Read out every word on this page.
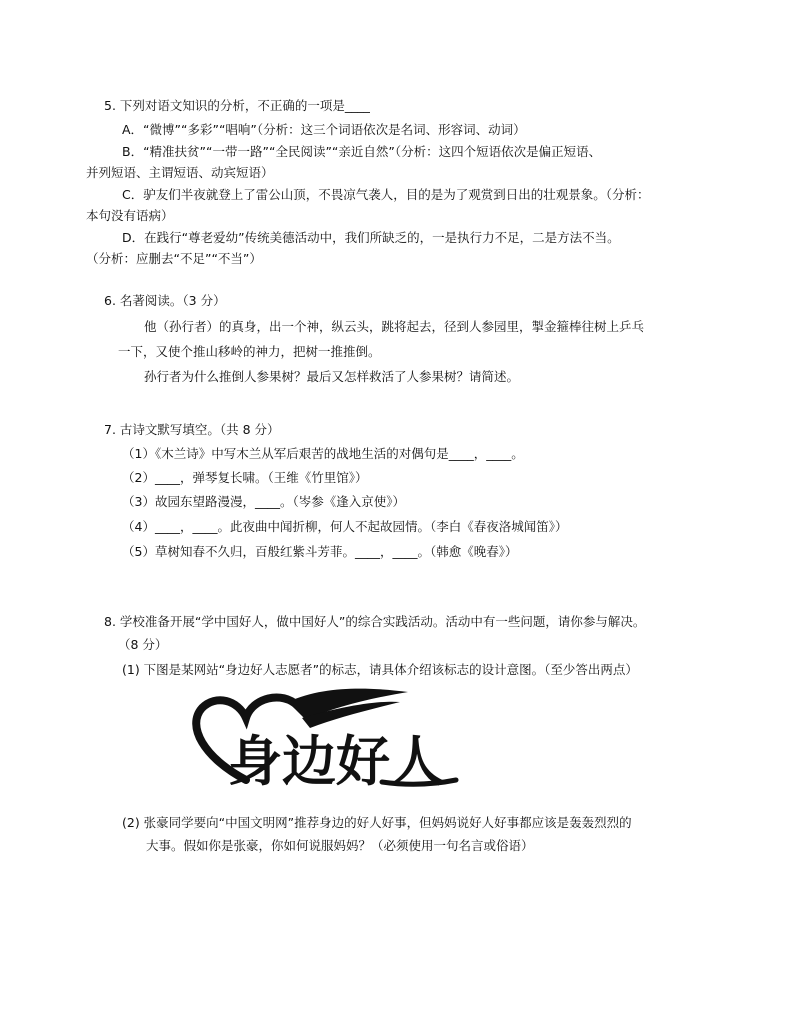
5. 下列对语文知识的分析，不正确的一项是____
A．“微博”“多彩”“唱响”（分析：这三个词语依次是名词、形容词、动词）
B．“精准扶贫”“一带一路”“全民阅读”“亲近自然”（分析：这四个短语依次是偏正短语、
并列短语、主谓短语、动宾短语）
C．驴友们半夜就登上了雷公山顶，不畏凉气袭人，目的是为了观赏到日出的壮观景象。（分析：
本句没有语病）
D．在践行“尊老爱幼”传统美德活动中，我们所缺乏的，一是执行力不足，二是方法不当。
（分析：应删去“不足”“不当”）
6. 名著阅读。（3 分）
他（孙行者）的真身，出一个神，纵云头，跳将起去，径到人参园里，掣金箍棒往树上乒乓
一下，又使个推山移岭的神力，把树一推推倒。
孙行者为什么推倒人参果树？最后又怎样救活了人参果树？请简述。
7. 古诗文默写填空。（共 8 分）
（1）《木兰诗》中写木兰从军后艰苦的战地生活的对偶句是____，____。
（2）____，弹琴复长啸。（王维《竹里馆》）
（3）故园东望路漫漫，____。（岑参《逢入京使》）
（4）____，____。此夜曲中闻折柳，何人不起故园情。（李白《春夜洛城闻笛》）
（5）草树知春不久归，百般红紫斗芳菲。____，____。（韩愈《晚春》）
8. 学校准备开展“学中国好人，做中国好人”的综合实践活动。活动中有一些问题，请你参与解决。
（8 分）
(1) 下图是某网站“身边好人志愿者”的标志，请具体介绍该标志的设计意图。（至少答出两点）
身边好人
(2) 张豪同学要向“中国文明网”推荐身边的好人好事，但妈妈说好人好事都应该是轰轰烈烈的
大事。假如你是张豪，你如何说服妈妈？（必须使用一句名言或俗语）
